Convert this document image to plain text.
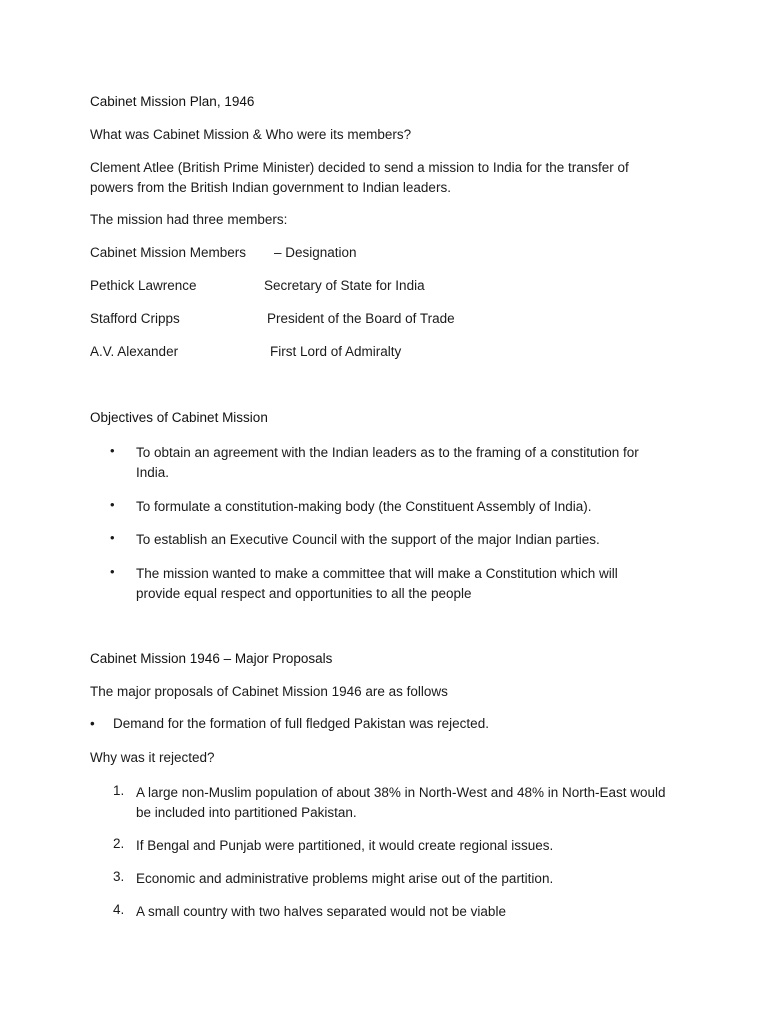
Cabinet Mission Plan, 1946
What was Cabinet Mission & Who were its members?
Clement Atlee (British Prime Minister) decided to send a mission to India for the transfer of
powers from the British Indian government to Indian leaders.
The mission had three members:
Cabinet Mission Members – Designation
Pethick Lawrence	Secretary of State for India
Stafford Cripps	President of the Board of Trade
A.V. Alexander	First Lord of Admiralty
Objectives of Cabinet Mission
• To obtain an agreement with the Indian leaders as to the framing of a constitution for
India.
• To formulate a constitution-making body (the Constituent Assembly of India).
• To establish an Executive Council with the support of the major Indian parties.
• The mission wanted to make a committee that will make a Constitution which will
provide equal respect and opportunities to all the people
Cabinet Mission 1946 – Major Proposals
The major proposals of Cabinet Mission 1946 are as follows
• Demand for the formation of full fledged Pakistan was rejected.
Why was it rejected?
1. A large non-Muslim population of about 38% in North-West and 48% in North-East would
be included into partitioned Pakistan.
2. If Bengal and Punjab were partitioned, it would create regional issues.
3. Economic and administrative problems might arise out of the partition.
4. A small country with two halves separated would not be viable
